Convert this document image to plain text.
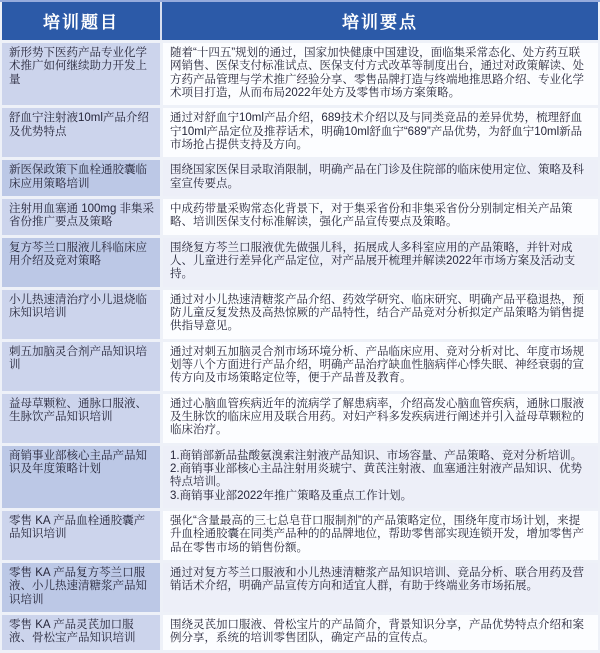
培训题目	培训要点
新形势下医药产品专业化学术推广如何继续助力开发上量
随着“十四五”规划的通过，国家加快健康中国建设，面临集采常态化、处方药互联网销售、医保支付标准试点、医保支付方式改革等制度出台，通过对政策解读、处方药产品管理与学术推广经验分享、零售品牌打造与终端地推思路介绍、专业化学术项目打造，从而布局2022年处方及零售市场方案策略。
舒血宁注射液10ml产品介绍及优势特点
通过对舒血宁10ml产品介绍，689技术介绍以及与同类竞品的差异优势，梳理舒血宁10ml产品定位及推荐话术，明确10ml舒血宁“689”产品优势，为舒血宁10ml新品市场抢占提供支持及方向。
新医保政策下血栓通胶囊临床应用策略培训
围绕国家医保目录取消限制，明确产品在门诊及住院部的临床使用定位、策略及科室宣传要点。
注射用血塞通 100mg 非集采省份推广要点及策略
中成药带量采购常态化背景下，对于集采省份和非集采省份分别制定相关产品策略、培训医保支付标准解读，强化产品宣传要点及策略。
复方芩兰口服液儿科临床应用介绍及竞对策略
围绕复方芩兰口服液优先做强儿科，拓展成人多科室应用的产品策略，并针对成人、儿童进行差异化产品定位，对产品展开梳理并解读2022年市场方案及活动支持。
小儿热速清治疗小儿退烧临床知识培训
通过对小儿热速清糖浆产品介绍、药效学研究、临床研究、明确产品平稳退热，预防儿童反复发热及高热惊厥的产品特性，结合产品竞对分析拟定产品策略为销售提供指导意见。
刺五加脑灵合剂产品知识培训
通过对刺五加脑灵合剂市场环境分析、产品临床应用、竞对分析对比、年度市场规划等八个方面进行产品介绍，明确产品治疗缺血性脑病伴心悸失眠、神经衰弱的宣传方向及市场策略定位等，便于产品普及教育。
益母草颗粒、通脉口服液、生脉饮产品知识培训
通过心脑血管疾病近年的流病学了解患病率，介绍高发心脑血管疾病，通脉口服液及生脉饮的临床应用及联合用药。对妇产科多发疾病进行阐述并引入益母草颗粒的临床治疗。
商销事业部核心主品产品知识及年度策略计划
1.商销部新品盐酸氨溴索注射液产品知识、市场容量、产品策略、竞对分析培训。
2.商销事业部核心主品注射用炎琥宁、黄芪注射液、血塞通注射液产品知识、优势特点培训。
3.商销事业部2022年推广策略及重点工作计划。
零售 KA 产品血栓通胶囊产品知识培训
强化“含量最高的三七总皂苷口服制剂”的产品策略定位，围绕年度市场计划，来提升血栓通胶囊在同类产品种的的品牌地位，帮助零售部实现连锁开发，增加零售产品在零售市场的销售份额。
零售 KA 产品复方芩兰口服液、小儿热速清糖浆产品知识培训
通过对复方芩兰口服液和小儿热速清糖浆产品知识培训、竞品分析、联合用药及营销话术介绍，明确产品宣传方向和适宜人群，有助于终端业务市场拓展。
零售 KA 产品灵芪加口服液、骨松宝产品知识培训
围绕灵芪加口服液、骨松宝片的产品简介，背景知识分享，产品优势特点介绍和案例分享，系统的培训零售团队，确定产品的宣传点。
